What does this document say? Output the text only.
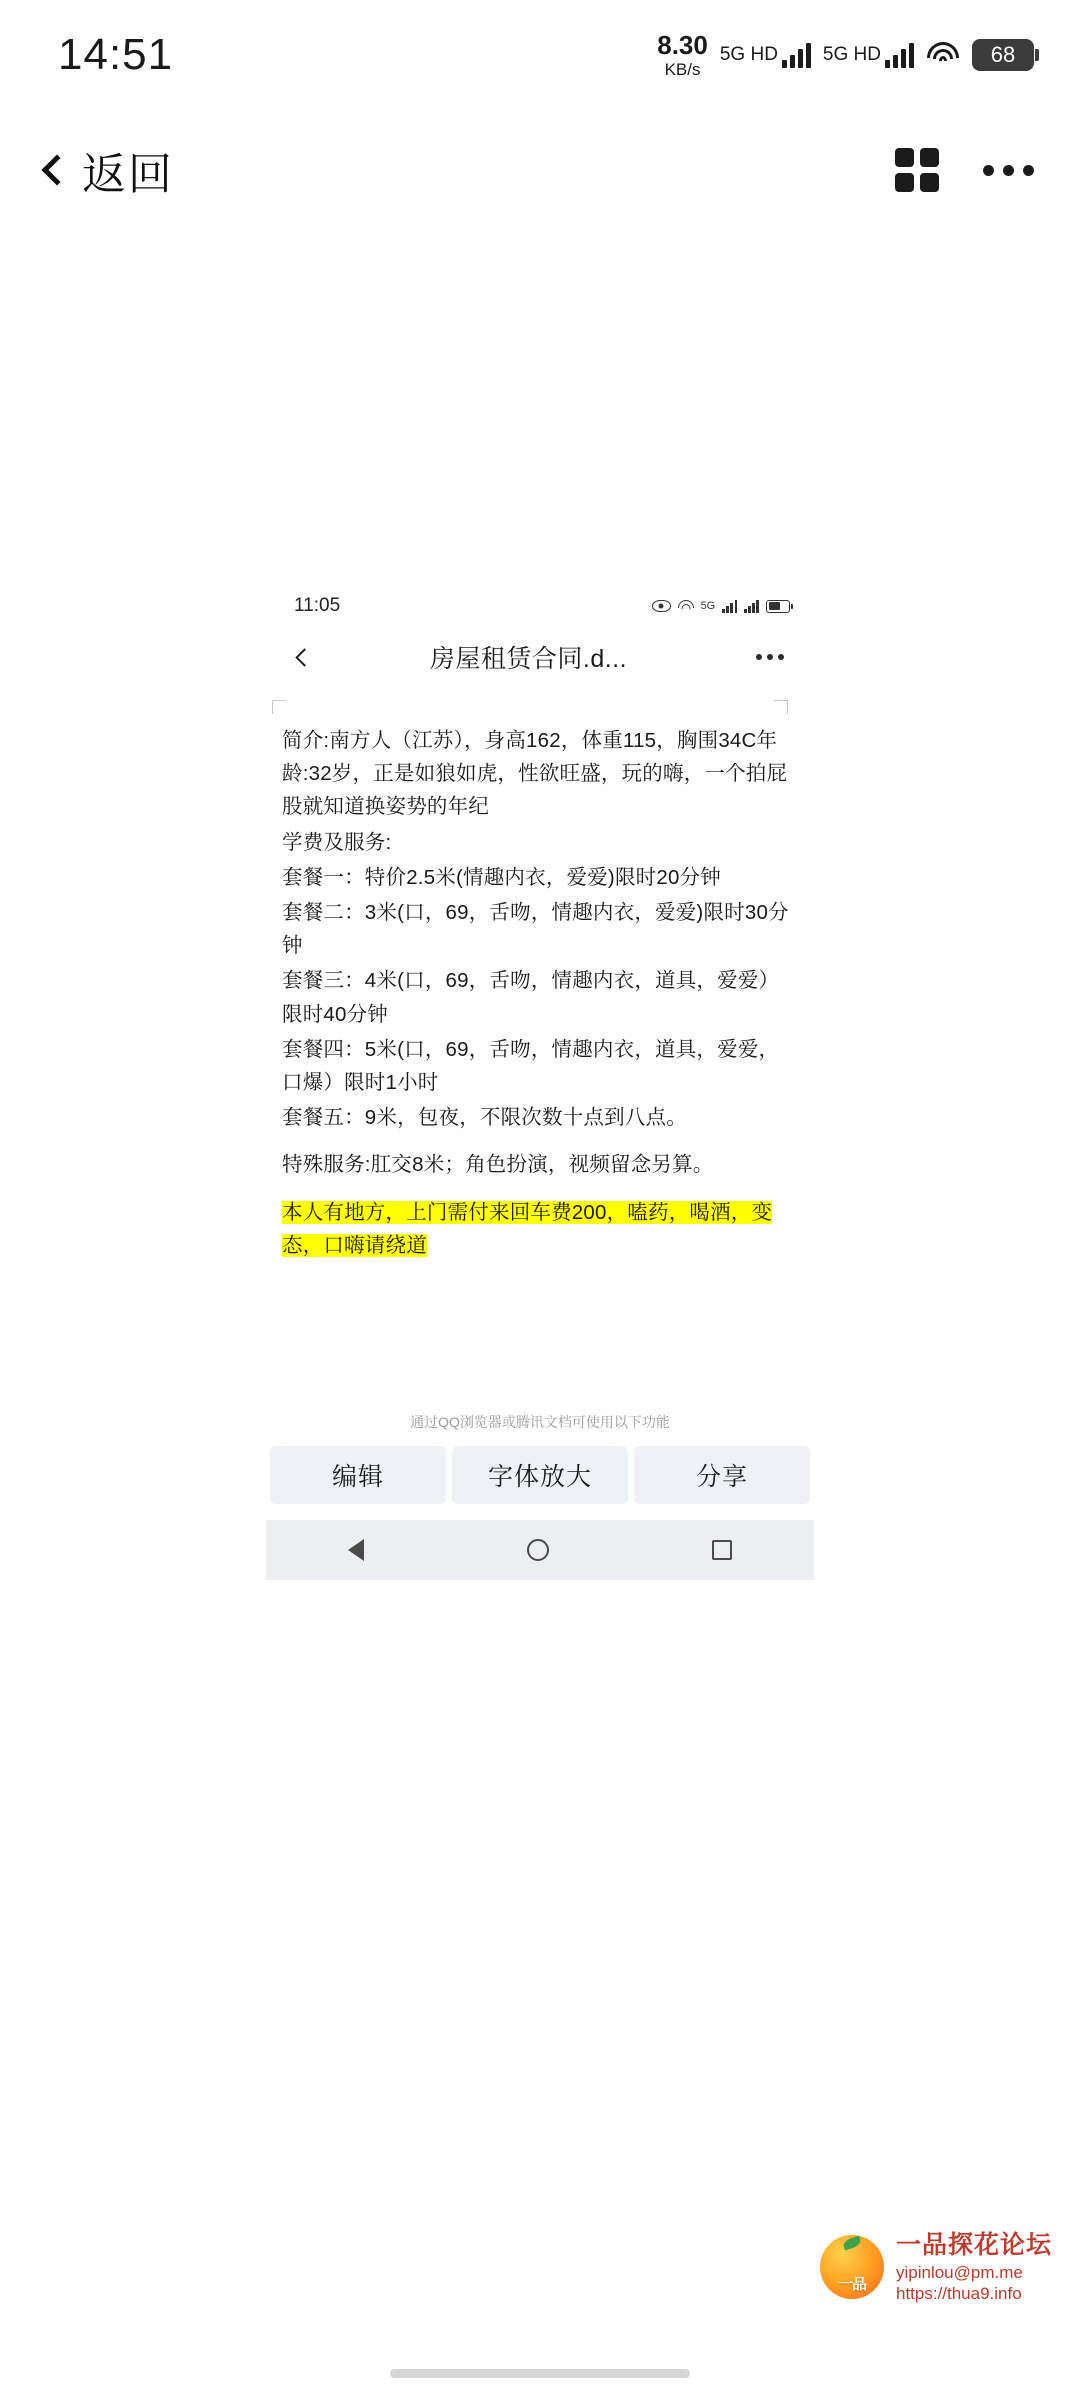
14:51	8.30
KB/s
5G HD 5G HD	68
返回
11:05	5G
房屋租赁合同.d...

简介:南方人（江苏），身高162，体重115，胸围34C年龄:32岁，正是如狼如虎，性欲旺盛，玩的嗨，一个拍屁股就知道换姿势的年纪

学费及服务:

套餐一：特价2.5米(情趣内衣，爱爱)限时20分钟

套餐二：3米(口，69，舌吻，情趣内衣，爱爱)限时30分钟

套餐三：4米(口，69，舌吻，情趣内衣，道具，爱爱）限时40分钟

套餐四：5米(口，69，舌吻，情趣内衣，道具，爱爱，口爆）限时1小时

套餐五：9米，包夜，不限次数十点到八点。

特殊服务:肛交8米；角色扮演，视频留念另算。

本人有地方，上门需付来回车费200，嗑药，喝酒，变态，口嗨请绕道

通过QQ浏览器或腾讯文档可使用以下功能
编辑	字体放大	分享
一品
一品探花论坛
yipinlou@pm.me
https://thua9.info
